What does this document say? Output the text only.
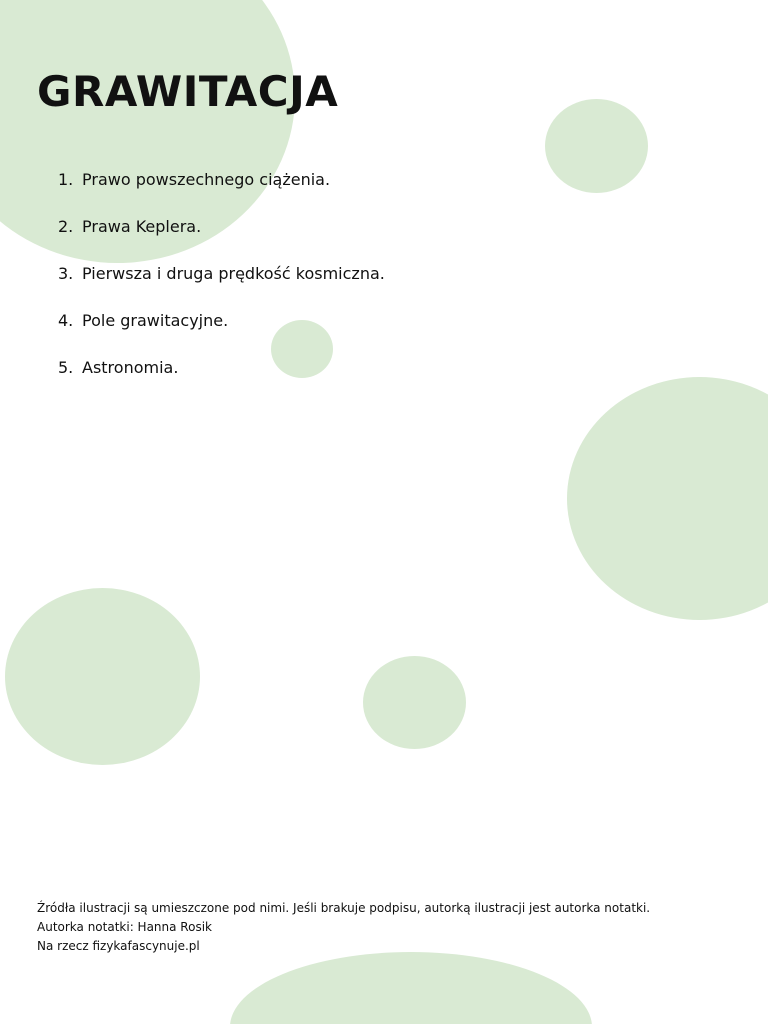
GRAWITACJA
1. Prawo powszechnego ciążenia.
2. Prawa Keplera.
3. Pierwsza i druga prędkość kosmiczna.
4. Pole grawitacyjne.
5. Astronomia.
Źródła ilustracji są umieszczone pod nimi. Jeśli brakuje podpisu, autorką ilustracji jest autorka notatki.
Autorka notatki: Hanna Rosik
Na rzecz fizykafascynuje.pl
